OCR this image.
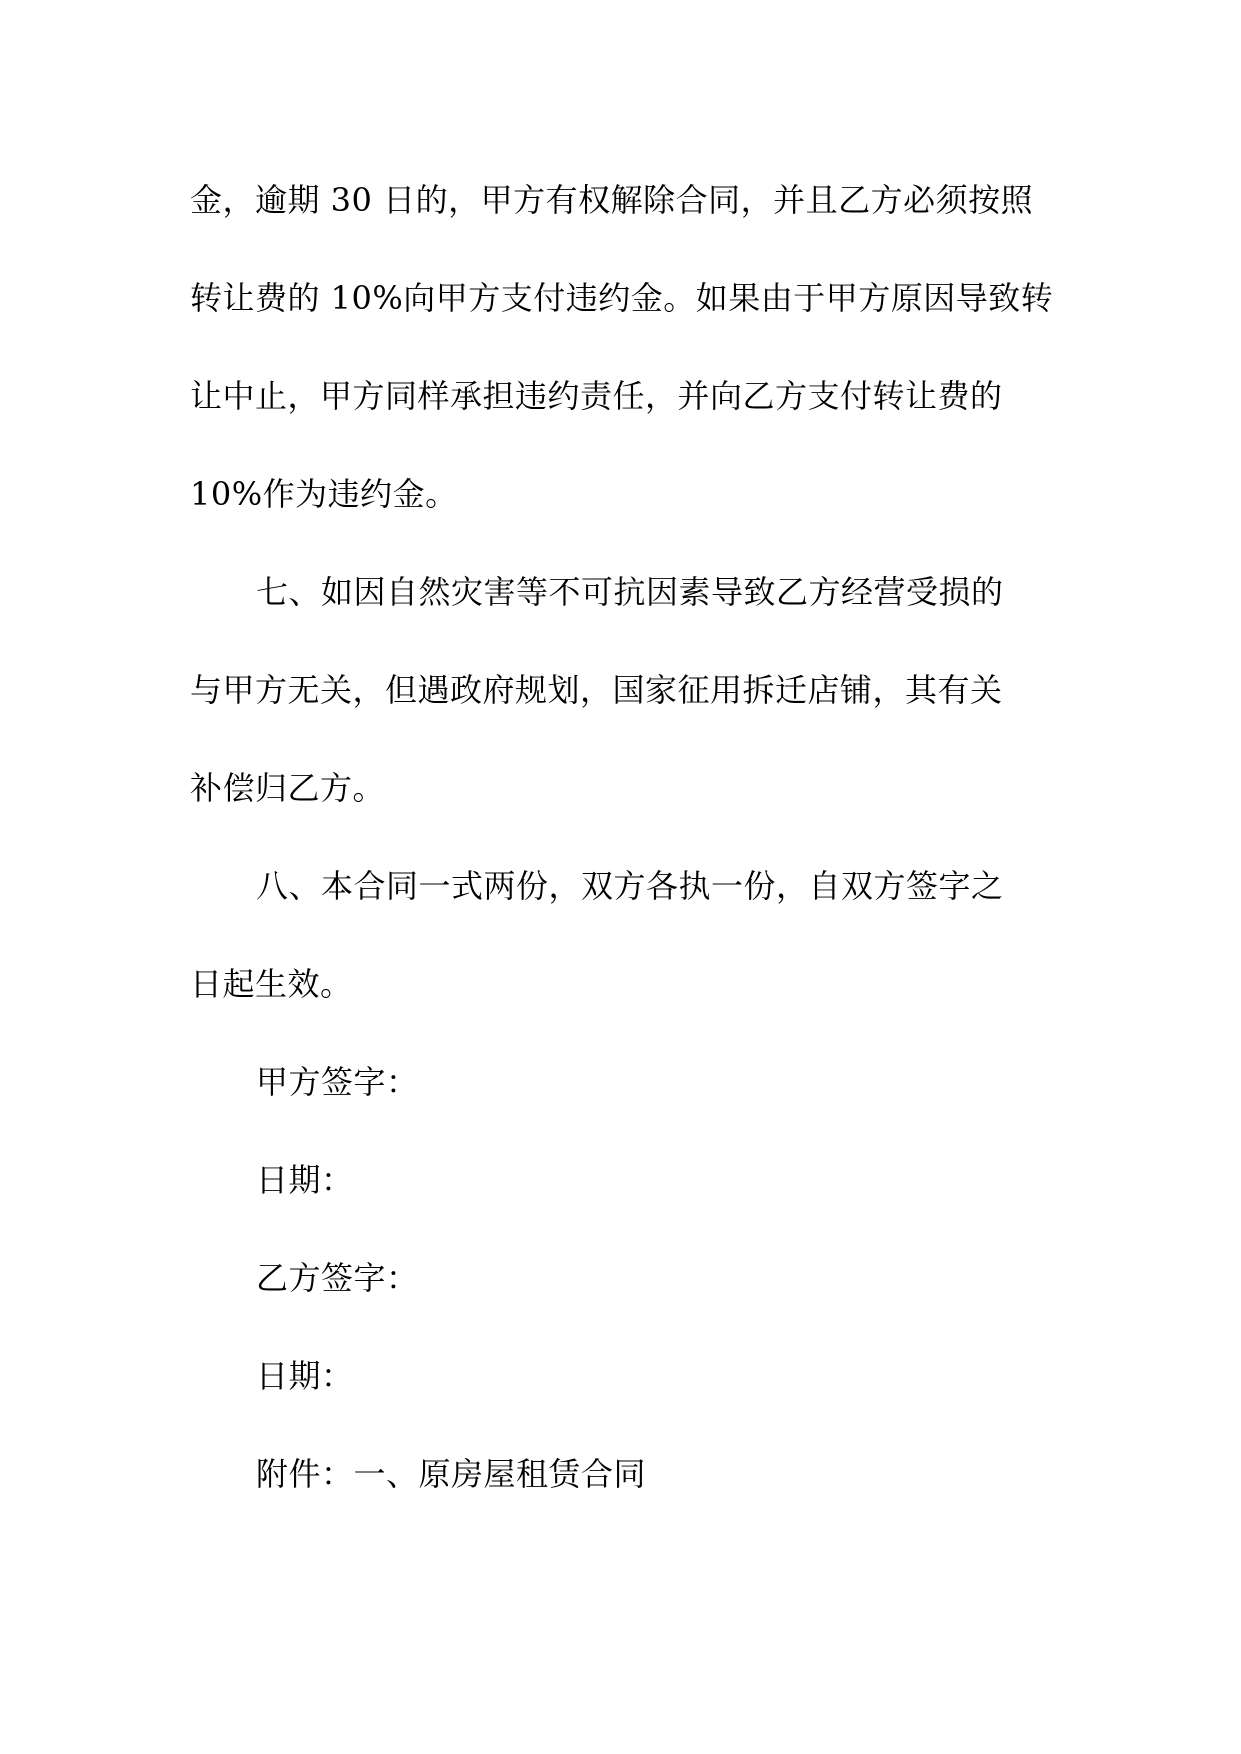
金，逾期 30 日的，甲方有权解除合同，并且乙方必须按照
转让费的 10%向甲方支付违约金。如果由于甲方原因导致转
让中止，甲方同样承担违约责任，并向乙方支付转让费的
10%作为违约金。
七、如因自然灾害等不可抗因素导致乙方经营受损的
与甲方无关，但遇政府规划，国家征用拆迁店铺，其有关
补偿归乙方。
八、本合同一式两份，双方各执一份，自双方签字之
日起生效。
甲方签字：
日期：
乙方签字：
日期：
附件：一、原房屋租赁合同
